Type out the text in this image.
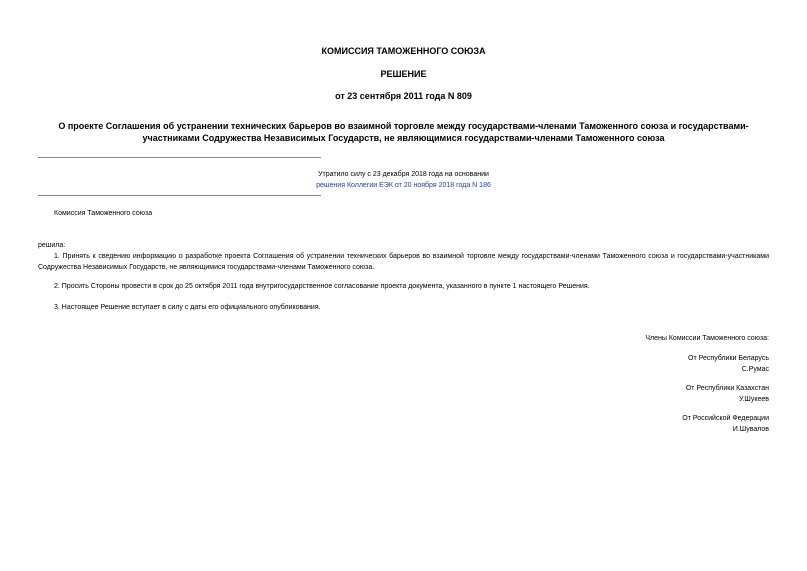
КОМИССИЯ ТАМОЖЕННОГО СОЮЗА
РЕШЕНИЕ
от 23 сентября 2011 года N 809
О проекте Соглашения об устранении технических барьеров во взаимной торговле между государствами-членами Таможенного союза и государствами-
участниками Содружества Независимых Государств, не являющимися государствами-членами Таможенного союза
Утратило силу с 23 декабря 2018 года на основании
решения Коллегии ЕЭК от 20 ноября 2018 года N 186
Комиссия Таможенного союза
решила:
1. Принять к сведению информацию о разработке проекта Соглашения об устранении технических барьеров во взаимной торговле между государствами-членами Таможенного союза и государствами-участниками Содружества Независимых Государств, не являющимися государствами-членами Таможенного союза.
2. Просить Стороны провести в срок до 25 октября 2011 года внутригосударственное согласование проекта документа, указанного в пункте 1 настоящего Решения.
3. Настоящее Решение вступает в силу с даты его официального опубликования.
Члены Комиссии Таможенного союза:
От Республики Беларусь
С.Румас
От Республики Казахстан
У.Шукеев
От Российской Федерации
И.Шувалов
